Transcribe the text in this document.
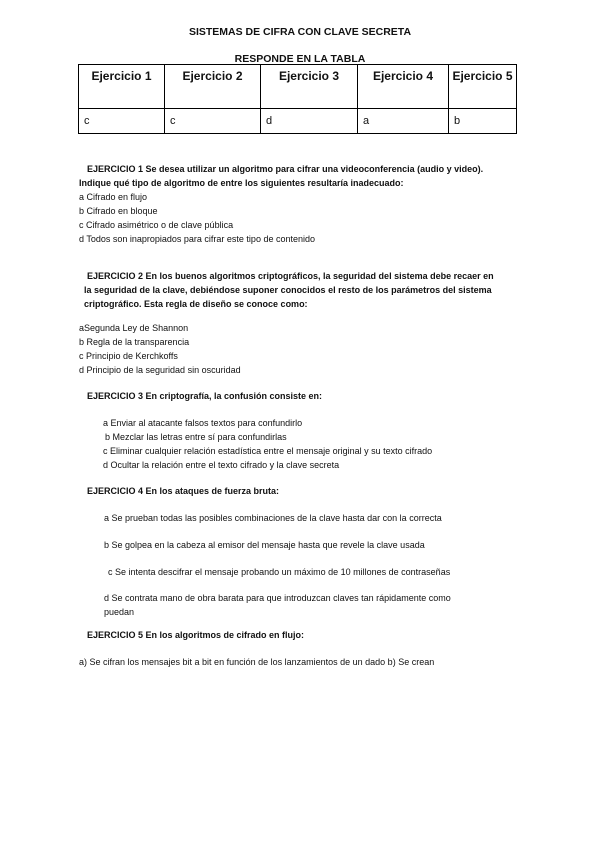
SISTEMAS DE CIFRA CON CLAVE SECRETA
RESPONDE EN LA TABLA
Ejercicio 1	Ejercicio 2	Ejercicio 3	Ejercicio 4	Ejercicio 5
c	c	d	a	b
EJERCICIO 1 Se desea utilizar un algoritmo para cifrar una videoconferencia (audio y video).
Indique qué tipo de algoritmo de entre los siguientes resultaría inadecuado:
a Cifrado en flujo
b Cifrado en bloque
c Cifrado asimétrico o de clave pública
d Todos son inapropiados para cifrar este tipo de contenido
EJERCICIO 2 En los buenos algoritmos criptográficos, la seguridad del sistema debe recaer en
la seguridad de la clave, debiéndose suponer conocidos el resto de los parámetros del sistema
criptográfico. Esta regla de diseño se conoce como:
aSegunda Ley de Shannon
b Regla de la transparencia
c Principio de Kerchkoffs
d Principio de la seguridad sin oscuridad
EJERCICIO 3 En criptografía, la confusión consiste en:
a Enviar al atacante falsos textos para confundirlo
b Mezclar las letras entre sí para confundirlas
c Eliminar cualquier relación estadística entre el mensaje original y su texto cifrado
d Ocultar la relación entre el texto cifrado y la clave secreta
EJERCICIO 4 En los ataques de fuerza bruta:
a Se prueban todas las posibles combinaciones de la clave hasta dar con la correcta
b Se golpea en la cabeza al emisor del mensaje hasta que revele la clave usada
c Se intenta descifrar el mensaje probando un máximo de 10 millones de contraseñas
d Se contrata mano de obra barata para que introduzcan claves tan rápidamente como
puedan
EJERCICIO 5 En los algoritmos de cifrado en flujo:
a) Se cifran los mensajes bit a bit en función de los lanzamientos de un dado b) Se crean
